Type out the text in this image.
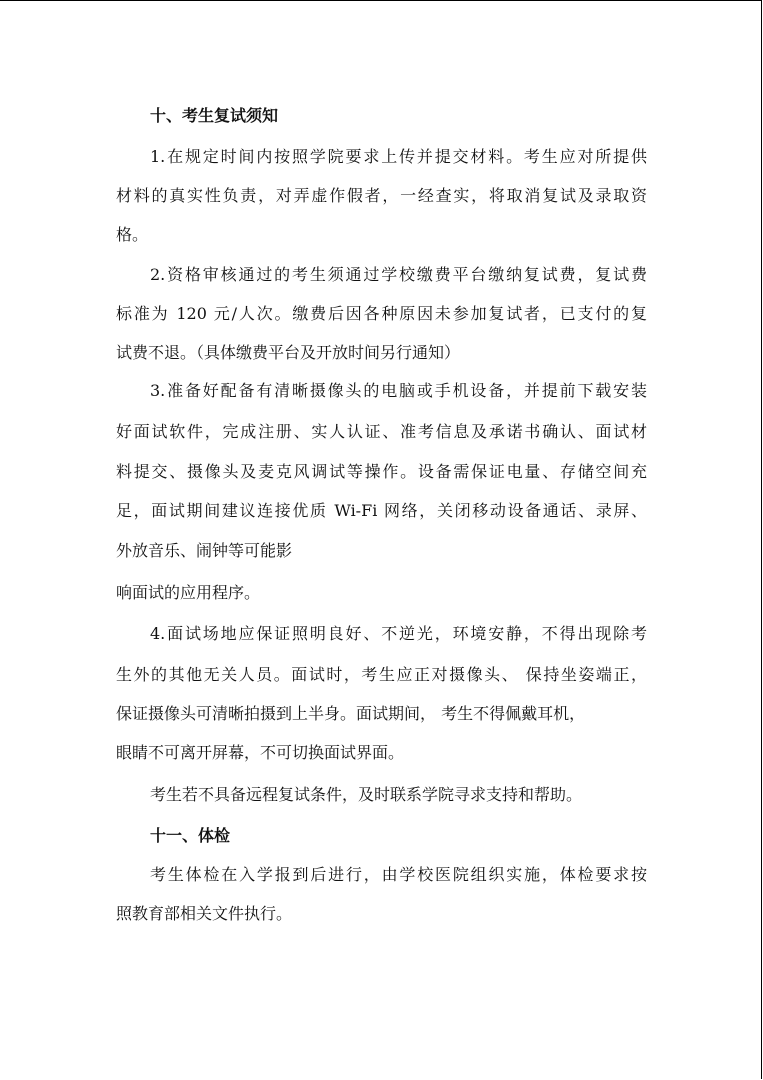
十、考生复试须知
1.在规定时间内按照学院要求上传并提交材料。考生应对所提供
材料的真实性负责，对弄虚作假者，一经查实，将取消复试及录取资
格。
2.资格审核通过的考生须通过学校缴费平台缴纳复试费，复试费
标准为 120 元/人次。缴费后因各种原因未参加复试者，已支付的复
试费不退。（具体缴费平台及开放时间另行通知）
3.准备好配备有清晰摄像头的电脑或手机设备，并提前下载安装
好面试软件，完成注册、实人认证、准考信息及承诺书确认、面试材
料提交、摄像头及麦克风调试等操作。设备需保证电量、存储空间充
足，面试期间建议连接优质 Wi-Fi 网络，关闭移动设备通话、录屏、
外放音乐、闹钟等可能影
响面试的应用程序。
4.面试场地应保证照明良好、不逆光，环境安静，不得出现除考
生外的其他无关人员。面试时，考生应正对摄像头、 保持坐姿端正，
保证摄像头可清晰拍摄到上半身。面试期间， 考生不得佩戴耳机，
眼睛不可离开屏幕，不可切换面试界面。
考生若不具备远程复试条件，及时联系学院寻求支持和帮助。
十一、体检
考生体检在入学报到后进行，由学校医院组织实施，体检要求按
照教育部相关文件执行。
